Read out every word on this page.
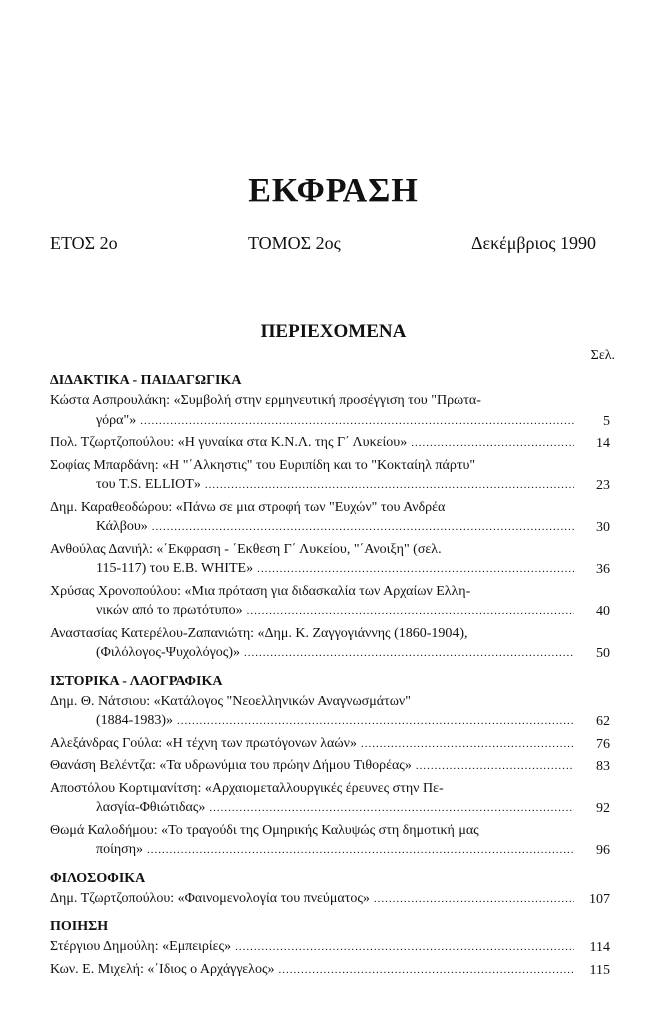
ΕΚΦΡΑΣΗ
ΕΤΟΣ 2ο	ΤΟΜΟΣ 2ος	Δεκέμβριος 1990
ΠΕΡΙΕΧΟΜΕΝΑ
Σελ.
ΔΙΔΑΚΤΙΚΑ - ΠΑΙΔΑΓΩΓΙΚΑ
Κώστα Ασπρουλάκη: «Συμβολή στην ερμηνευτική προσέγγιση του "Πρωτα-
γόρα"» .....	5
Πολ. Τζωρτζοπούλου: «Η γυναίκα στα Κ.Ν.Λ. της Γ΄ Λυκείου» .....	14
Σοφίας Μπαρδάνη: «Η "΄Αλκηστις" του Ευριπίδη και το "Κοκταίηλ πάρτυ"
του T.S. ELLIOT» .....	23
Δημ. Καραθεοδώρου: «Πάνω σε μια στροφή των "Ευχών" του Ανδρέα
Κάλβου» .....	30
Ανθούλας Δανιήλ: «΄Εκφραση - ΄Εκθεση Γ΄ Λυκείου, "΄Ανοιξη" (σελ.
115-117) του E.B. WHITE» .....	36
Χρύσας Χρονοπούλου: «Μια πρόταση για διδασκαλία των Αρχαίων Ελλη-
νικών από το πρωτότυπο» .....	40
Αναστασίας Κατερέλου-Ζαπανιώτη: «Δημ. Κ. Ζαγγογιάννης (1860-1904),
(Φιλόλογος-Ψυχολόγος)» .....	50
ΙΣΤΟΡΙΚΑ - ΛΑΟΓΡΑΦΙΚΑ
Δημ. Θ. Νάτσιου: «Κατάλογος "Νεοελληνικών Αναγνωσμάτων"
(1884-1983)» .....	62
Αλεξάνδρας Γούλα: «Η τέχνη των πρωτόγονων λαών» .....	76
Θανάση Βελέντζα: «Τα υδρωνύμια του πρώην Δήμου Τιθορέας» .....	83
Αποστόλου Κορτιμανίτση: «Αρχαιομεταλλουργικές έρευνες στην Πε-
λασγία-Φθιώτιδας» .....	92
Θωμά Καλοδήμου: «Το τραγούδι της Ομηρικής Καλυψώς στη δημοτική μας
ποίηση» .....	96
ΦΙΛΟΣΟΦΙΚΑ
Δημ. Τζωρτζοπούλου: «Φαινομενολογία του πνεύματος» .....	107
ΠΟΙΗΣΗ
Στέργιου Δημούλη: «Εμπειρίες» .....	114
Κων. Ε. Μιχελή: «΄Ιδιος ο Αρχάγγελος» .....	115
